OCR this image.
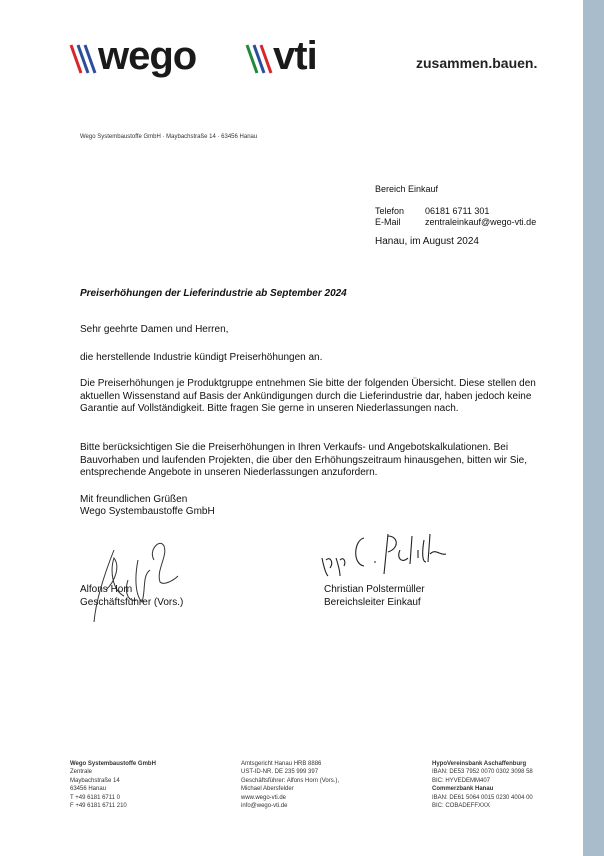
wego vti	zusammen.bauen.
Wego Systembaustoffe GmbH · Maybachstraße 14 · 63456 Hanau
Bereich Einkauf
Telefon 06181 6711 301
E-Mail	zentraleinkauf@wego-vti.de
Hanau, im August 2024
Preiserhöhungen der Lieferindustrie ab September 2024
Sehr geehrte Damen und Herren,
die herstellende Industrie kündigt Preiserhöhungen an.
Die Preiserhöhungen je Produktgruppe entnehmen Sie bitte der folgenden Übersicht. Diese stellen den aktuellen Wissenstand auf Basis der Ankündigungen durch die Lieferindustrie dar, haben jedoch keine Garantie auf Vollständigkeit. Bitte fragen Sie gerne in unseren Niederlassungen nach.
Bitte berücksichtigen Sie die Preiserhöhungen in Ihren Verkaufs- und Angebotskalkulationen. Bei Bauvorhaben und laufenden Projekten, die über den Erhöhungszeitraum hinausgehen, bitten wir Sie, entsprechende Angebote in unseren Niederlassungen anzufordern.
Mit freundlichen Grüßen
Wego Systembaustoffe GmbH
Alfons Horn
Geschäftsführer (Vors.)
Christian Polstermüller
Bereichsleiter Einkauf
Wego Systembaustoffe GmbH
Zentrale
Maybachstraße 14
63456 Hanau
T +49 6181 6711 0
F +49 6181 6711 210
Amtsgericht Hanau HRB 8886
UST-ID-NR. DE 235 999 397
Geschäftsführer: Alfons Horn (Vors.),
Michael Abersfelder
www.wego-vti.de
info@wego-vti.de
HypoVereinsbank Aschaffenburg
IBAN: DE53 7952 0070 0302 3098 58
BIC: HYVEDEMM407
Commerzbank Hanau
IBAN: DE61 5064 0015 0230 4004 00
BIC: COBADEFFXXX
